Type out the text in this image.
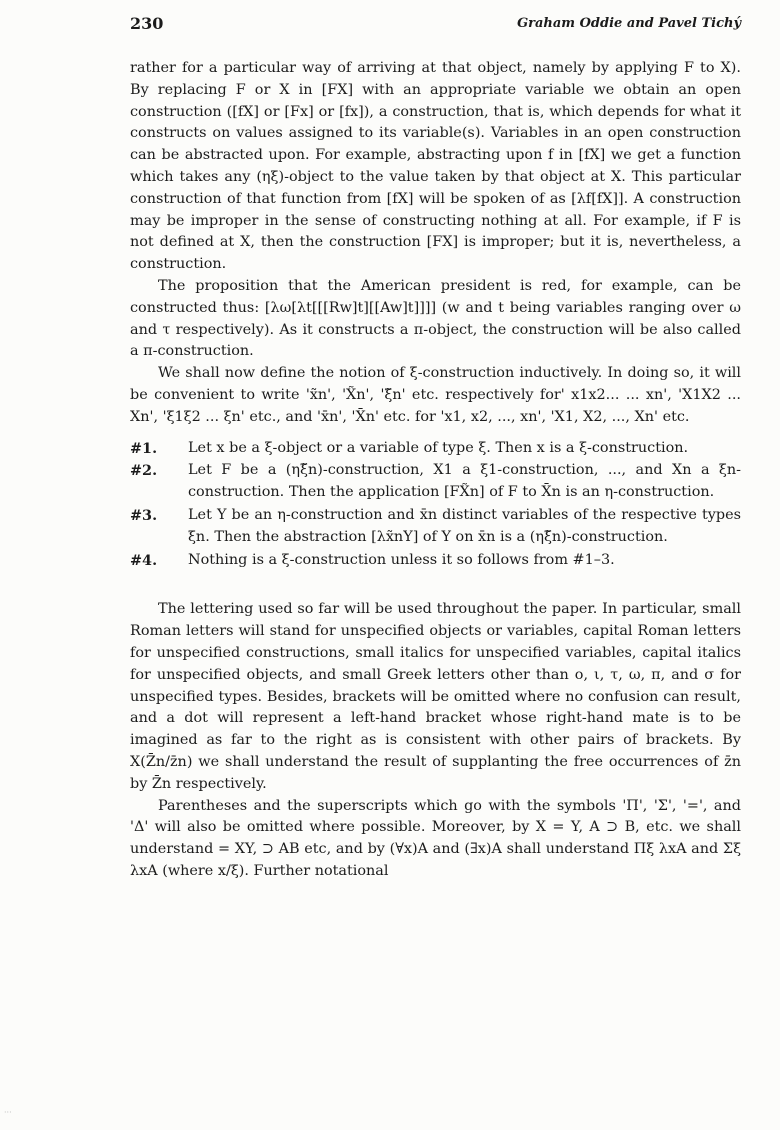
230	Graham Oddie and Pavel Tichý

rather for a particular way of arriving at that object, namely by applying F to X). By replacing F or X in [FX] with an appropriate variable we obtain an open construction ([fX] or [Fx] or [fx]), a construction, that is, which depends for what it constructs on values assigned to its variable(s). Variables in an open construction can be abstracted upon. For example, abstracting upon f in [fX] we get a function which takes any (ηξ)-object to the value taken by that object at X. This particular construction of that function from [fX] will be spoken of as [λf[fX]]. A construction may be improper in the sense of constructing nothing at all. For example, if F is not defined at X, then the construction [FX] is improper; but it is, nevertheless, a construction.

The proposition that the American president is red, for example, can be constructed thus: [λω[λt[[[Rw]t][[Aw]t]]]] (w and t being variables ranging over ω and τ respectively). As it constructs a π-object, the construction will be also called a π-construction.

We shall now define the notion of ξ-construction inductively. In doing so, it will be convenient to write 'x̃n', 'X̃n', 'ξ̃n' etc. respectively for' x1x2... ... xn', 'X1X2 ... Xn', 'ξ1ξ2 ... ξn' etc., and 'x̄n', 'X̄n' etc. for 'x1, x2, ..., xn', 'X1, X2, ..., Xn' etc.

#1.	Let x be a ξ-object or a variable of type ξ. Then x is a ξ-construction.
#2.	Let F be a (ηξ̃n)-construction, X1 a ξ1-construction, ..., and Xn a ξn-construction. Then the application [FX̃n] of F to X̄n is an η-construction.
#3.	Let Y be an η-construction and x̄n distinct variables of the respective types ξn. Then the abstraction [λx̃nY] of Y on x̄n is a (ηξ̃n)-construction.
#4.	Nothing is a ξ-construction unless it so follows from #1–3.

The lettering used so far will be used throughout the paper. In particular, small Roman letters will stand for unspecified objects or variables, capital Roman letters for unspecified constructions, small italics for unspecified variables, capital italics for unspecified objects, and small Greek letters other than o, ι, τ, ω, π, and σ for unspecified types. Besides, brackets will be omitted where no confusion can result, and a dot will represent a left-hand bracket whose right-hand mate is to be imagined as far to the right as is consistent with other pairs of brackets. By X(Z̄n/z̄n) we shall understand the result of supplanting the free occurrences of z̄n by Z̄n respectively.

Parentheses and the superscripts which go with the symbols 'Π', 'Σ', '=', and 'Δ' will also be omitted where possible. Moreover, by X = Y, A ⊃ B, etc. we shall understand = XY, ⊃ AB etc, and by (∀x)A and (∃x)A shall understand Πξ λxA and Σξ λxA (where x/ξ). Further notational

···
